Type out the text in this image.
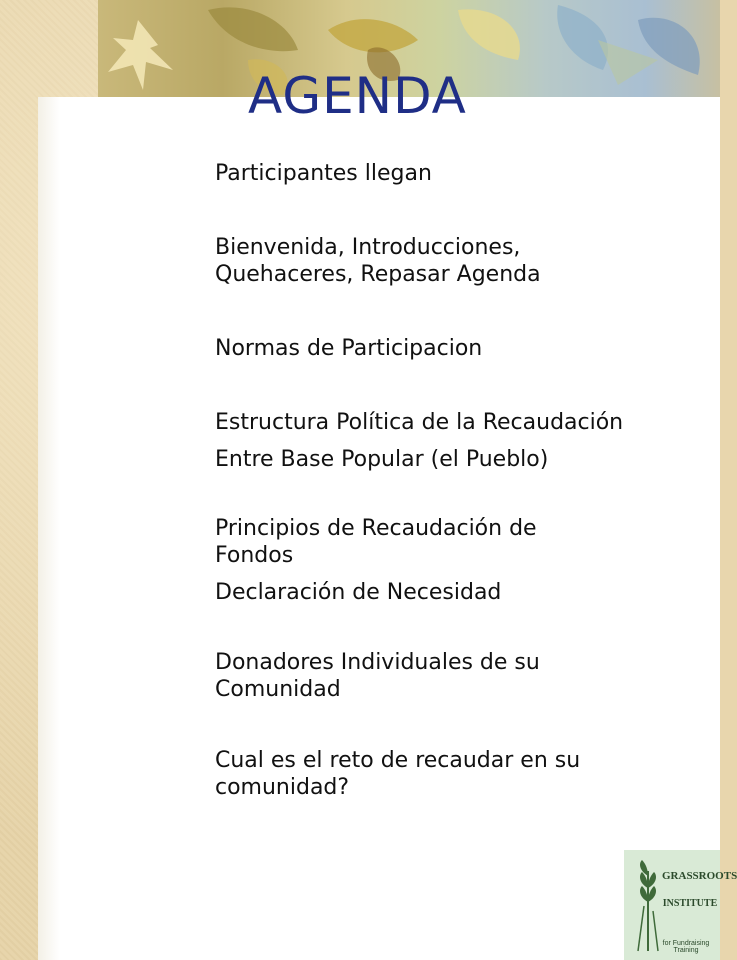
AGENDA
Participantes llegan
Bienvenida, Introducciones,
Quehaceres, Repasar Agenda
Normas de Participacion
Estructura Política de la Recaudación
Entre Base Popular (el Pueblo)
Principios de Recaudación de
Fondos
Declaración de Necesidad
Donadores Individuales de su
Comunidad
Cual es el reto de recaudar en su
comunidad?
GRASSROOTS
INSTITUTE
for Fundraising Training
